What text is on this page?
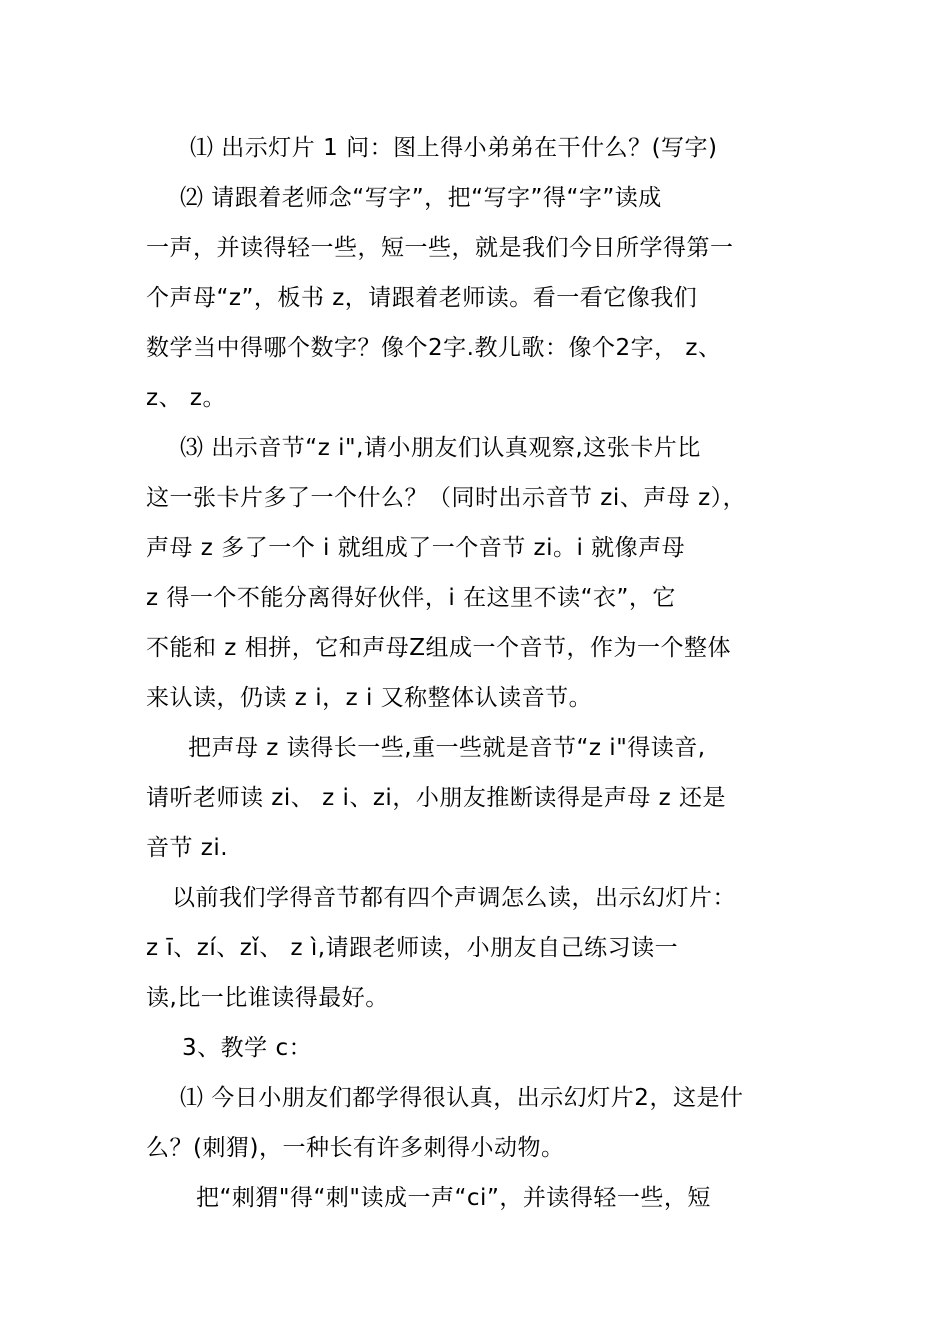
⑴ 出示灯片 1 问：图上得小弟弟在干什么？(写字)
⑵ 请跟着老师念“写字”，把“写字”得“字”读成
一声，并读得轻一些，短一些，就是我们今日所学得第一
个声母“z”，板书 z，请跟着老师读。看一看它像我们
数学当中得哪个数字？像个2字.教儿歌：像个2字， z、
z、 z。
⑶ 出示音节“z i",请小朋友们认真观察,这张卡片比
这一张卡片多了一个什么？（同时出示音节 zi、声母 z），
声母 z 多了一个 i 就组成了一个音节 zi。i 就像声母
z 得一个不能分离得好伙伴，i 在这里不读“衣”，它
不能和 z 相拼，它和声母Z组成一个音节，作为一个整体
来认读，仍读 z i，z i 又称整体认读音节。
把声母 z 读得长一些,重一些就是音节“z i"得读音,
请听老师读 zi、 z i、zi，小朋友推断读得是声母 z 还是
音节 zi.
以前我们学得音节都有四个声调怎么读，出示幻灯片：
z ī、zí、zǐ、 z ì,请跟老师读，小朋友自己练习读一
读,比一比谁读得最好。
3、教学 c：
⑴ 今日小朋友们都学得很认真，出示幻灯片2，这是什
么？(刺猬)，一种长有许多刺得小动物。
把“刺猬"得“刺"读成一声“ci”，并读得轻一些，短
